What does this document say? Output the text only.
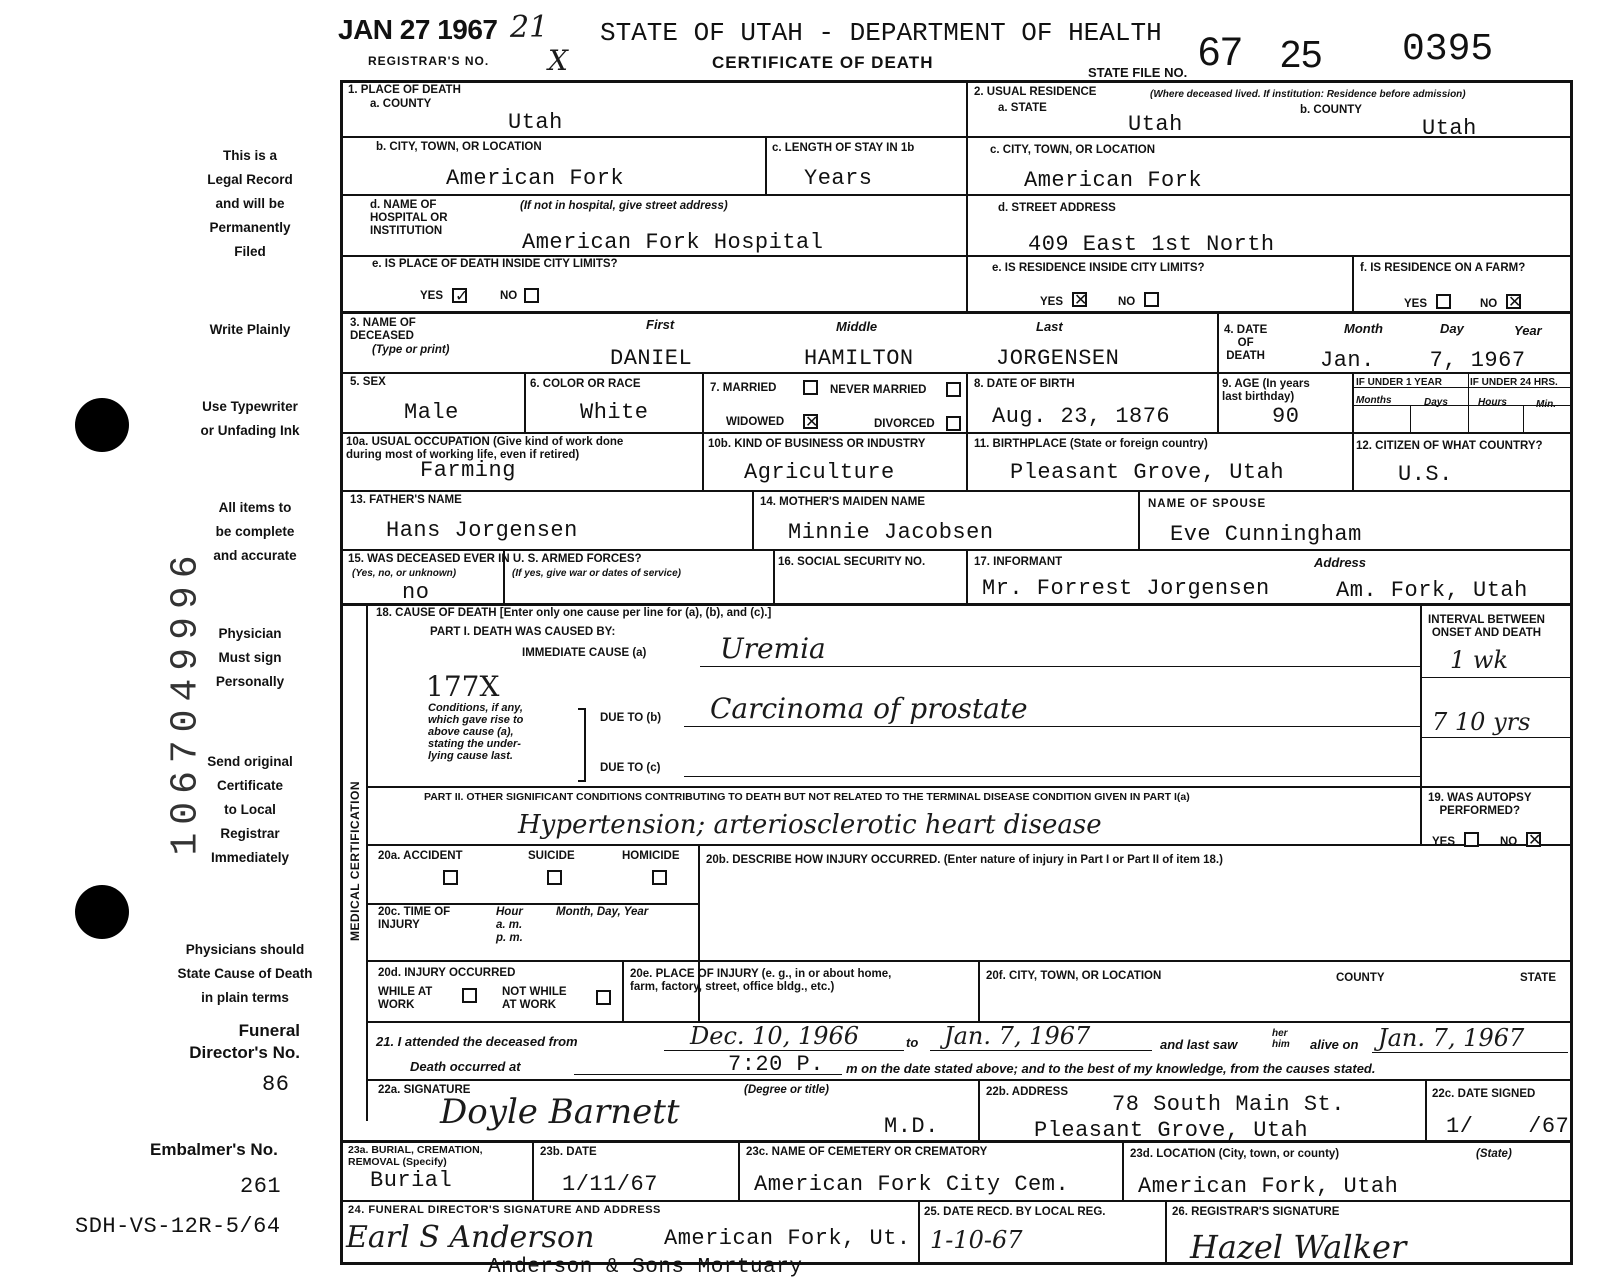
JAN 27 1967 21
REGISTRAR'S NO. X
STATE OF UTAH - DEPARTMENT OF HEALTH
CERTIFICATE OF DEATH
STATE FILE NO. 67 25 0395
This is a
Legal Record
and will be
Permanently
Filed
Write Plainly
Use Typewriter
or Unfading Ink
All items to
be complete
and accurate
Physician
Must sign
Personally
Send original
Certificate
to Local
Registrar
Immediately
Physicians should
State Cause of Death
in plain terms
Funeral
Director's No.
86
Embalmer's No.
261
SDH-VS-12R-5/64
1067049996
1. PLACE OF DEATH
a. COUNTY
Utah
2. USUAL RESIDENCE	(Where deceased lived. If institution: Residence before admission)
a. STATE	b. COUNTY
Utah	Utah
b. CITY, TOWN, OR LOCATION
American Fork
c. LENGTH OF STAY IN 1b
Years
c. CITY, TOWN, OR LOCATION
American Fork
d. NAME OF
HOSPITAL OR
INSTITUTION
(If not in hospital, give street address)
American Fork Hospital
d. STREET ADDRESS
409 East 1st North
e. IS PLACE OF DEATH INSIDE CITY LIMITS?
YES ✓	NO
e. IS RESIDENCE INSIDE CITY LIMITS?
YES ✕	NO
f. IS RESIDENCE ON A FARM?
YES	NO ✕
3. NAME OF
DECEASED
(Type or print)
First	Middle	Last
DANIEL	HAMILTON	JORGENSEN
4. DATE
OF
DEATH
Month	Day	Year
Jan.    7, 1967
5. SEX
Male
6. COLOR OR RACE
White
7. MARRIED	NEVER MARRIED
WIDOWED ✕	DIVORCED
8. DATE OF BIRTH
Aug. 23, 1876
9. AGE (In years
last birthday)
90
IF UNDER 1 YEAR	IF UNDER 24 HRS.
Months	Days	Hours	Min.
10a. USUAL OCCUPATION (Give kind of work done
during most of working life, even if retired)
Farming
10b. KIND OF BUSINESS OR INDUSTRY
Agriculture
11. BIRTHPLACE (State or foreign country)
Pleasant Grove, Utah
12. CITIZEN OF WHAT COUNTRY?
U.S.
13. FATHER'S NAME
Hans Jorgensen
14. MOTHER'S MAIDEN NAME
Minnie Jacobsen
NAME OF SPOUSE
Eve Cunningham
15. WAS DECEASED EVER IN U. S. ARMED FORCES?
(Yes, no, or unknown)	(If yes, give war or dates of service)
no
16. SOCIAL SECURITY NO.	17. INFORMANT	Address
Mr. Forrest Jorgensen	Am. Fork, Utah
MEDICAL CERTIFICATION
18. CAUSE OF DEATH [Enter only one cause per line for (a), (b), and (c).]
PART I. DEATH WAS CAUSED BY:
IMMEDIATE CAUSE (a)	Uremia
INTERVAL BETWEEN
ONSET AND DEATH
1 wk
177X
Conditions, if any,
which gave rise to
above cause (a),
stating the under-
lying cause last.
DUE TO (b) Carcinoma of prostate	7 10 yrs
DUE TO (c)
PART II. OTHER SIGNIFICANT CONDITIONS CONTRIBUTING TO DEATH BUT NOT RELATED TO THE TERMINAL DISEASE CONDITION GIVEN IN PART I(a)
Hypertension; arteriosclerotic heart disease
19. WAS AUTOPSY
PERFORMED?
YES	NO ✕
20a. ACCIDENT	SUICIDE	HOMICIDE 20b. DESCRIBE HOW INJURY OCCURRED. (Enter nature of injury in Part I or Part II of item 18.)
20c. TIME OF
INJURY
Hour
a. m.
p. m.
Month, Day, Year
20d. INJURY OCCURRED
WHILE AT
WORK
NOT WHILE
AT WORK
20e. PLACE OF INJURY (e. g., in or about home,
farm, factory, street, office bldg., etc.)
20f. CITY, TOWN, OR LOCATION	COUNTY	STATE
21. I attended the deceased from	Dec. 10, 1966	to Jan. 7, 1967	and last saw
her
him alive on Jan. 7, 1967
Death occurred at	7:20 P. m on the date stated above; and to the best of my knowledge, from the causes stated.
22a. SIGNATURE	(Degree or title)
Doyle Barnett	M.D.
22b. ADDRESS 78 South Main St.
Pleasant Grove, Utah
22c. DATE SIGNED
1/    /67
23a. BURIAL, CREMATION,
REMOVAL (Specify)
Burial
23b. DATE
1/11/67
23c. NAME OF CEMETERY OR CREMATORY
American Fork City Cem.
23d. LOCATION (City, town, or county)	(State)
American Fork, Utah
24. FUNERAL DIRECTOR'S SIGNATURE AND ADDRESS
Earl S Anderson	American Fork, Ut.
Anderson & Sons Mortuary
25. DATE RECD. BY LOCAL REG.
1-10-67
26. REGISTRAR'S SIGNATURE
Hazel Walker
